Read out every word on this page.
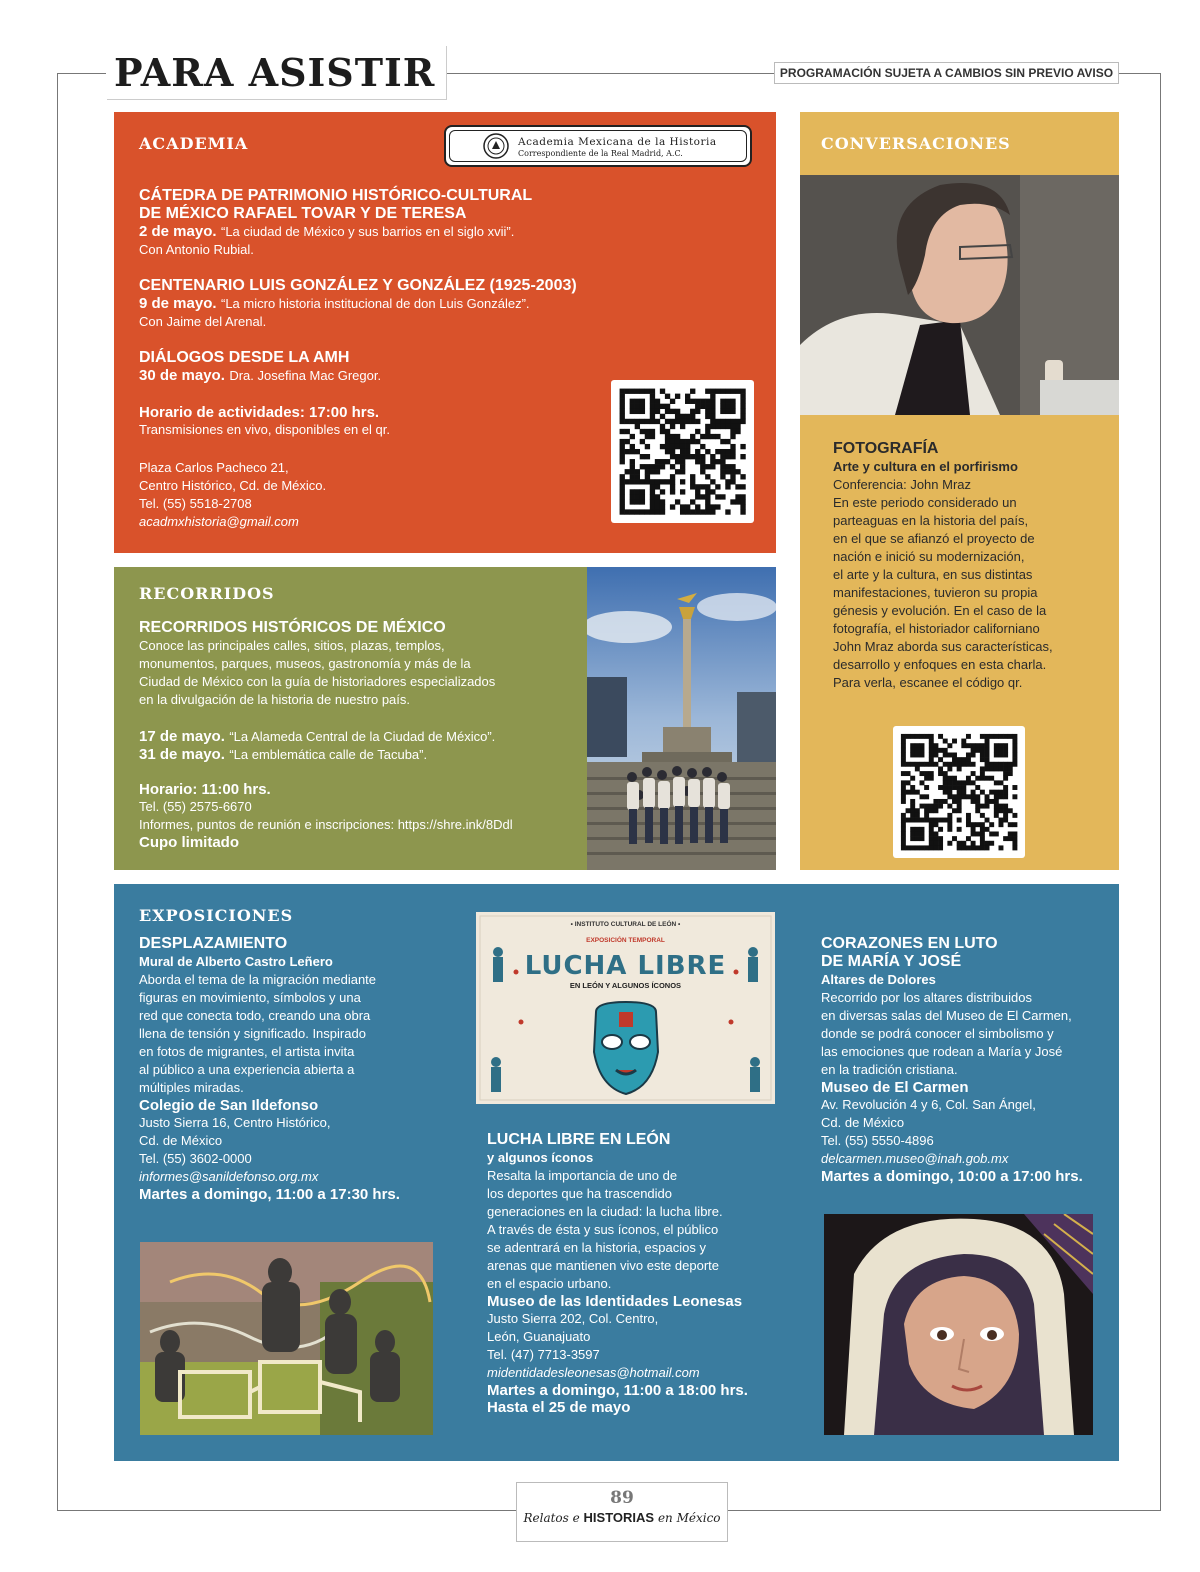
PARA ASISTIR	PROGRAMACIÓN SUJETA A CAMBIOS SIN PREVIO AVISO
ACADEMIA
CÁTEDRA DE PATRIMONIO HISTÓRICO-CULTURAL
DE MÉXICO RAFAEL TOVAR Y DE TERESA
2 de mayo. “La ciudad de México y sus barrios en el siglo xvii”.
Con Antonio Rubial.
CENTENARIO LUIS GONZÁLEZ Y GONZÁLEZ (1925-2003)
9 de mayo. “La micro historia institucional de don Luis González”.
Con Jaime del Arenal.
DIÁLOGOS DESDE LA AMH
30 de mayo. Dra. Josefina Mac Gregor.
Horario de actividades: 17:00 hrs.
Transmisiones en vivo, disponibles en el qr.
Plaza Carlos Pacheco 21,
Centro Histórico, Cd. de México.
Tel. (55) 5518-2708
acadmxhistoria@gmail.com
Academia Mexicana de la Historia
Correspondiente de la Real Madrid, A.C.
RECORRIDOS
RECORRIDOS HISTÓRICOS DE MÉXICO
Conoce las principales calles, sitios, plazas, templos,
monumentos, parques, museos, gastronomía y más de la
Ciudad de México con la guía de historiadores especializados
en la divulgación de la historia de nuestro país.
17 de mayo. “La Alameda Central de la Ciudad de México”.
31 de mayo. “La emblemática calle de Tacuba”.
Horario: 11:00 hrs.
Tel. (55) 2575-6670
Informes, puntos de reunión e inscripciones: https://shre.ink/8Ddl
Cupo limitado
CONVERSACIONES
FOTOGRAFÍA
Arte y cultura en el porfirismo
Conferencia: John Mraz
En este periodo considerado un
parteaguas en la historia del país,
en el que se afianzó el proyecto de
nación e inició su modernización,
el arte y la cultura, en sus distintas
manifestaciones, tuvieron su propia
génesis y evolución. En el caso de la
fotografía, el historiador californiano
John Mraz aborda sus características,
desarrollo y enfoques en esta charla.
Para verla, escanee el código qr.
EXPOSICIONES
DESPLAZAMIENTO
Mural de Alberto Castro Leñero
Aborda el tema de la migración mediante
figuras en movimiento, símbolos y una
red que conecta todo, creando una obra
llena de tensión y significado. Inspirado
en fotos de migrantes, el artista invita
al público a una experiencia abierta a
múltiples miradas.
Colegio de San Ildefonso
Justo Sierra 16, Centro Histórico,
Cd. de México
Tel. (55) 3602-0000
informes@sanildefonso.org.mx
Martes a domingo, 11:00 a 17:30 hrs.
• INSTITUTO CULTURAL DE LEÓN •
EXPOSICIÓN TEMPORAL
LUCHA LIBRE
EN LEÓN Y ALGUNOS ÍCONOS
LUCHA LIBRE EN LEÓN
y algunos íconos
Resalta la importancia de uno de
los deportes que ha trascendido
generaciones en la ciudad: la lucha libre.
A través de ésta y sus íconos, el público
se adentrará en la historia, espacios y
arenas que mantienen vivo este deporte
en el espacio urbano.
Museo de las Identidades Leonesas
Justo Sierra 202, Col. Centro,
León, Guanajuato
Tel. (47) 7713-3597
midentidadesleonesas@hotmail.com
Martes a domingo, 11:00 a 18:00 hrs.
Hasta el 25 de mayo
CORAZONES EN LUTO
DE MARÍA Y JOSÉ
Altares de Dolores
Recorrido por los altares distribuidos
en diversas salas del Museo de El Carmen,
donde se podrá conocer el simbolismo y
las emociones que rodean a María y José
en la tradición cristiana.
Museo de El Carmen
Av. Revolución 4 y 6, Col. San Ángel,
Cd. de México
Tel. (55) 5550-4896
delcarmen.museo@inah.gob.mx
Martes a domingo, 10:00 a 17:00 hrs.
89
Relatos e HISTORIAS en México
